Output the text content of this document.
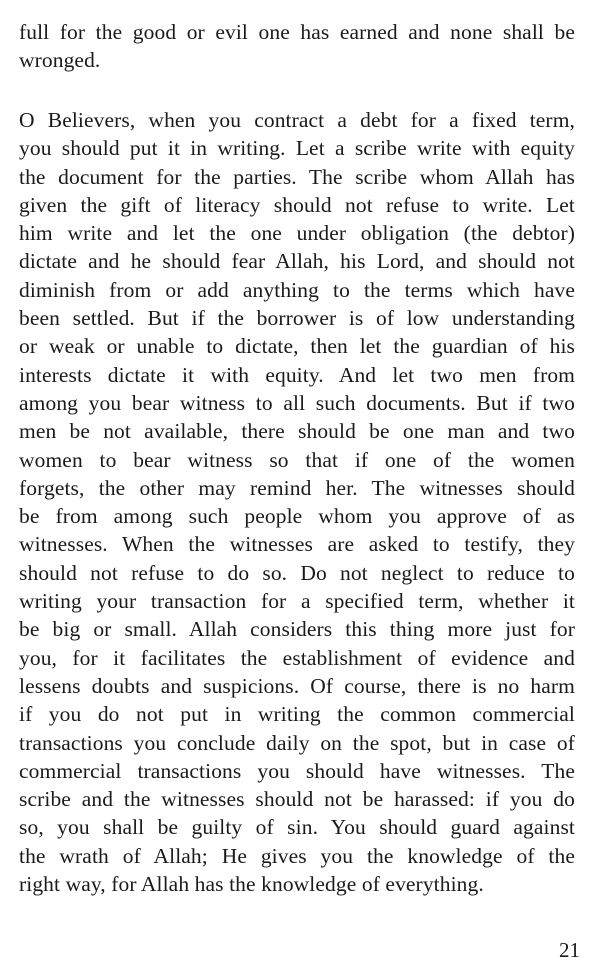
full for the good or evil one has earned and none shall be
wronged.
O Believers, when you contract a debt for a fixed term,
you should put it in writing. Let a scribe write with equity
the document for the parties. The scribe whom Allah has
given the gift of literacy should not refuse to write. Let
him write and let the one under obligation (the debtor)
dictate and he should fear Allah, his Lord, and should not
diminish from or add anything to the terms which have
been settled. But if the borrower is of low understanding
or weak or unable to dictate, then let the guardian of his
interests dictate it with equity. And let two men from
among you bear witness to all such documents. But if two
men be not available, there should be one man and two
women to bear witness so that if one of the women
forgets, the other may remind her. The witnesses should
be from among such people whom you approve of as
witnesses. When the witnesses are asked to testify, they
should not refuse to do so. Do not neglect to reduce to
writing your transaction for a specified term, whether it
be big or small. Allah considers this thing more just for
you, for it facilitates the establishment of evidence and
lessens doubts and suspicions. Of course, there is no harm
if you do not put in writing the common commercial
transactions you conclude daily on the spot, but in case of
commercial transactions you should have witnesses. The
scribe and the witnesses should not be harassed: if you do
so, you shall be guilty of sin. You should guard against
the wrath of Allah; He gives you the knowledge of the
right way, for Allah has the knowledge of everything.
21
